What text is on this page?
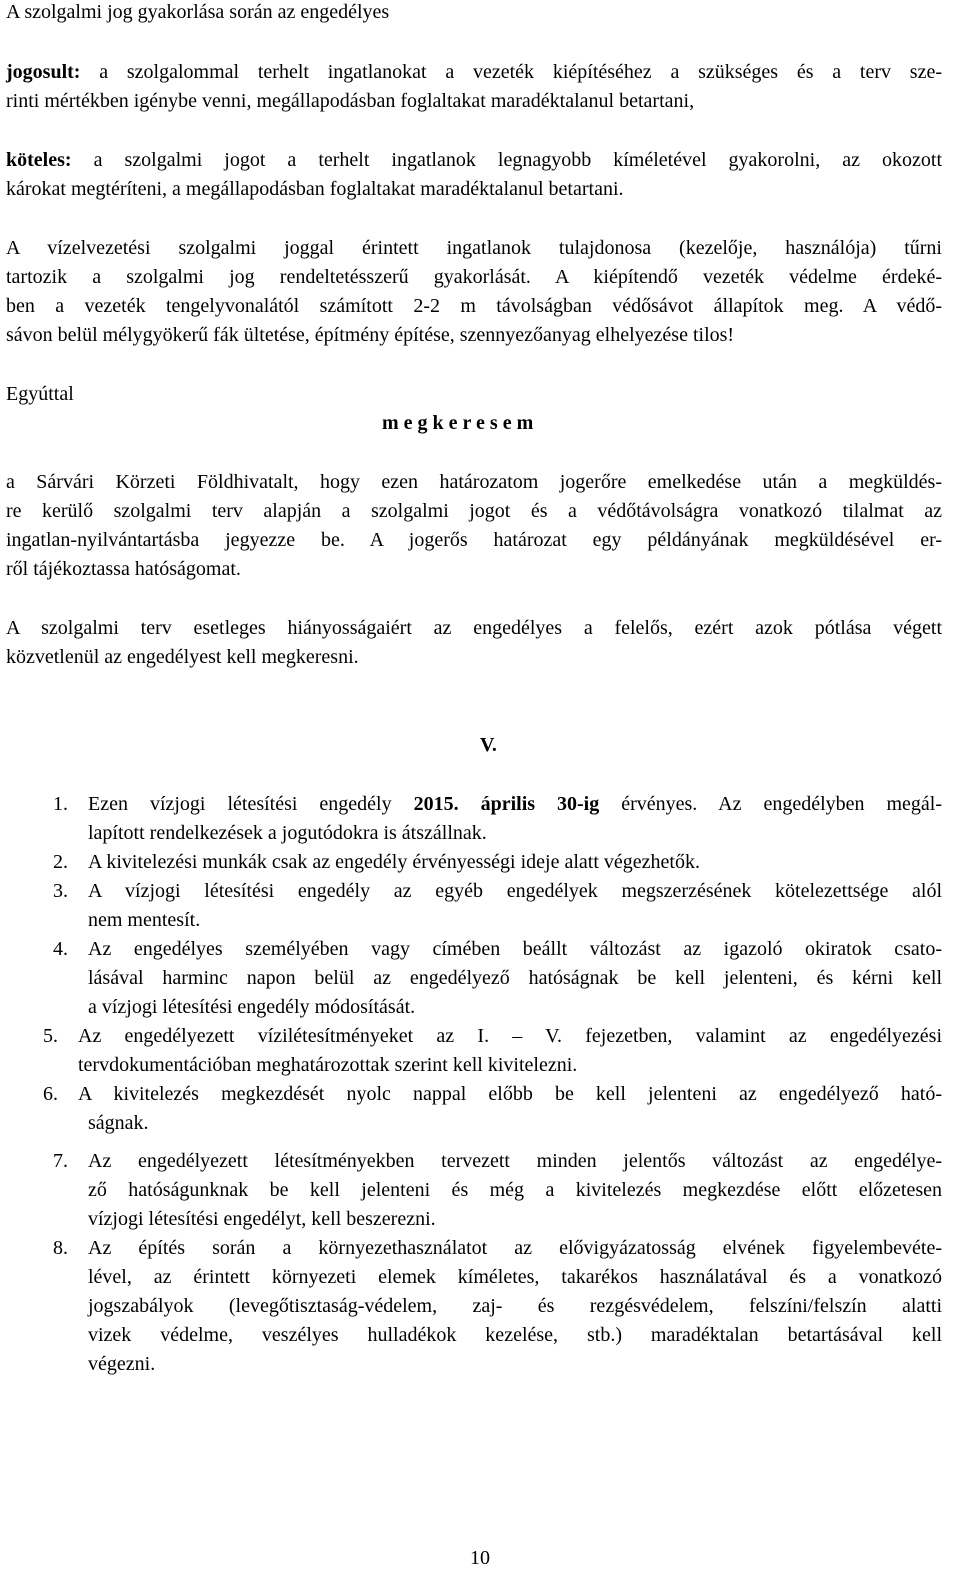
A szolgalmi jog gyakorlása során az engedélyes
jogosult: a szolgalommal terhelt ingatlanokat a vezeték kiépítéséhez a szükséges és a terv sze-
rinti mértékben igénybe venni, megállapodásban foglaltakat maradéktalanul betartani,
köteles: a szolgalmi jogot a terhelt ingatlanok legnagyobb kíméletével gyakorolni, az okozott
károkat megtéríteni, a megállapodásban foglaltakat maradéktalanul betartani.
A vízelvezetési szolgalmi joggal érintett ingatlanok tulajdonosa (kezelője, használója) tűrni
tartozik a szolgalmi jog rendeltetésszerű gyakorlását. A kiépítendő vezeték védelme érdeké-
ben a vezeték tengelyvonalától számított 2-2 m távolságban védősávot állapítok meg. A védő-
sávon belül mélygyökerű fák ültetése, építmény építése, szennyezőanyag elhelyezése tilos!
Egyúttal
m e g k e r e s e m
a Sárvári Körzeti Földhivatalt, hogy ezen határozatom jogerőre emelkedése után a megküldés-
re kerülő szolgalmi terv alapján a szolgalmi jogot és a védőtávolságra vonatkozó tilalmat az
ingatlan-nyilvántartásba jegyezze be. A jogerős határozat egy példányának megküldésével er-
ről tájékoztassa hatóságomat.
A szolgalmi terv esetleges hiányosságaiért az engedélyes a felelős, ezért azok pótlása végett
közvetlenül az engedélyest kell megkeresni.
V.
1. Ezen vízjogi létesítési engedély 2015. április 30-ig érvényes. Az engedélyben megál-
lapított rendelkezések a jogutódokra is átszállnak.
2. A kivitelezési munkák csak az engedély érvényességi ideje alatt végezhetők.
3. A vízjogi létesítési engedély az egyéb engedélyek megszerzésének kötelezettsége alól
nem mentesít.
4. Az engedélyes személyében vagy címében beállt változást az igazoló okiratok csato-
lásával harminc napon belül az engedélyező hatóságnak be kell jelenteni, és kérni kell
a vízjogi létesítési engedély módosítását.
5. Az engedélyezett vízilétesítményeket az I. – V. fejezetben, valamint az engedélyezési
tervdokumentációban meghatározottak szerint kell kivitelezni.
6. A kivitelezés megkezdését nyolc nappal előbb be kell jelenteni az engedélyező ható-
ságnak.
7. Az engedélyezett létesítményekben tervezett minden jelentős változást az engedélye-
ző hatóságunknak be kell jelenteni és még a kivitelezés megkezdése előtt előzetesen
vízjogi létesítési engedélyt, kell beszerezni.
8. Az építés során a környezethasználatot az elővigyázatosság elvének figyelembevéte-
lével, az érintett környezeti elemek kíméletes, takarékos használatával és a vonatkozó
jogszabályok (levegőtisztaság-védelem, zaj- és rezgésvédelem, felszíni/felszín alatti
vizek védelme, veszélyes hulladékok kezelése, stb.) maradéktalan betartásával kell
végezni.
10
